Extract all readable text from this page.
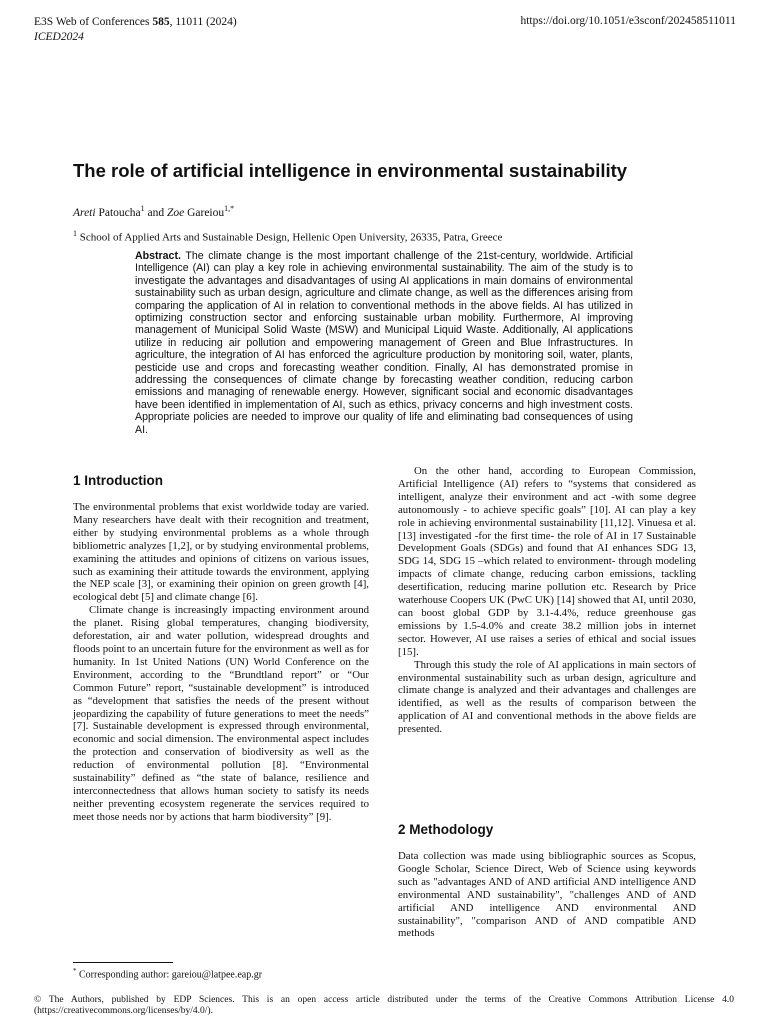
E3S Web of Conferences 585, 11011 (2024)
ICED2024
https://doi.org/10.1051/e3sconf/202458511011
The role of artificial intelligence in environmental sustainability
Areti Patoucha$^1$ and Zoe Gareiou$^{1,*}$
$^1$ School of Applied Arts and Sustainable Design, Hellenic Open University, 26335, Patra, Greece
Abstract. The climate change is the most important challenge of the 21st-century, worldwide. Artificial Intelligence (AI) can play a key role in achieving environmental sustainability. The aim of the study is to investigate the advantages and disadvantages of using AI applications in main domains of environmental sustainability such as urban design, agriculture and climate change, as well as the differences arising from comparing the application of AI in relation to conventional methods in the above fields. AI has utilized in optimizing construction sector and enforcing sustainable urban mobility. Furthermore, AI improving management of Municipal Solid Waste (MSW) and Municipal Liquid Waste. Additionally, AI applications utilize in reducing air pollution and empowering management of Green and Blue Infrastructures. In agriculture, the integration of AI has enforced the agriculture production by monitoring soil, water, plants, pesticide use and crops and forecasting weather condition. Finally, AI has demonstrated promise in addressing the consequences of climate change by forecasting weather condition, reducing carbon emissions and managing of renewable energy. However, significant social and economic disadvantages have been identified in implementation of AI, such as ethics, privacy concerns and high investment costs. Appropriate policies are needed to improve our quality of life and eliminating bad consequences of using AI.
1 Introduction

The environmental problems that exist worldwide today are varied. Many researchers have dealt with their recognition and treatment, either by studying environmental problems as a whole through bibliometric analyzes [1,2], or by studying environmental problems, examining the attitudes and opinions of citizens on various issues, such as examining their attitude towards the environment, applying the NEP scale [3], or examining their opinion on green growth [4], ecological debt [5] and climate change [6].

Climate change is increasingly impacting environment around the planet. Rising global temperatures, changing biodiversity, deforestation, air and water pollution, widespread droughts and floods point to an uncertain future for the environment as well as for humanity. In 1st United Nations (UN) World Conference on the Environment, according to the “Brundtland report” or “Our Common Future” report, “sustainable development” is introduced as “development that satisfies the needs of the present without jeopardizing the capability of future generations to meet the needs” [7]. Sustainable development is expressed through environmental, economic and social dimension. The environmental aspect includes the protection and conservation of biodiversity as well as the reduction of environmental pollution [8]. “Environmental sustainability” defined as “the state of balance, resilience and interconnectedness that allows human society to satisfy its needs neither preventing ecosystem regenerate the services required to meet those needs nor by actions that harm biodiversity” [9].

On the other hand, according to European Commission, Artificial Intelligence (AI) refers to “systems that considered as intelligent, analyze their environment and act -with some degree autonomously - to achieve specific goals” [10]. AI can play a key role in achieving environmental sustainability [11,12]. Vinuesa et al. [13] investigated -for the first time- the role of AI in 17 Sustainable Development Goals (SDGs) and found that AI enhances SDG 13, SDG 14, SDG 15 –which related to environment- through modeling impacts of climate change, reducing carbon emissions, tackling desertification, reducing marine pollution etc. Research by Price waterhouse Coopers UK (PwC UK) [14] showed that AI, until 2030, can boost global GDP by 3.1-4.4%, reduce greenhouse gas emissions by 1.5-4.0% and create 38.2 million jobs in internet sector. However, AI use raises a series of ethical and social issues [15].

Through this study the role of AI applications in main sectors of environmental sustainability such as urban design, agriculture and climate change is analyzed and their advantages and challenges are identified, as well as the results of comparison between the application of AI and conventional methods in the above fields are presented.

2 Methodology

Data collection was made using bibliographic sources as Scopus, Google Scholar, Science Direct, Web of Science using keywords such as "advantages AND of AND artificial AND intelligence AND environmental AND sustainability", "challenges AND of AND artificial AND intelligence AND environmental AND sustainability", "comparison AND of AND compatible AND methods

* Corresponding author: gareiou@latpee.eap.gr
© The Authors, published by EDP Sciences. This is an open access article distributed under the terms of the Creative Commons Attribution License 4.0 (https://creativecommons.org/licenses/by/4.0/).
